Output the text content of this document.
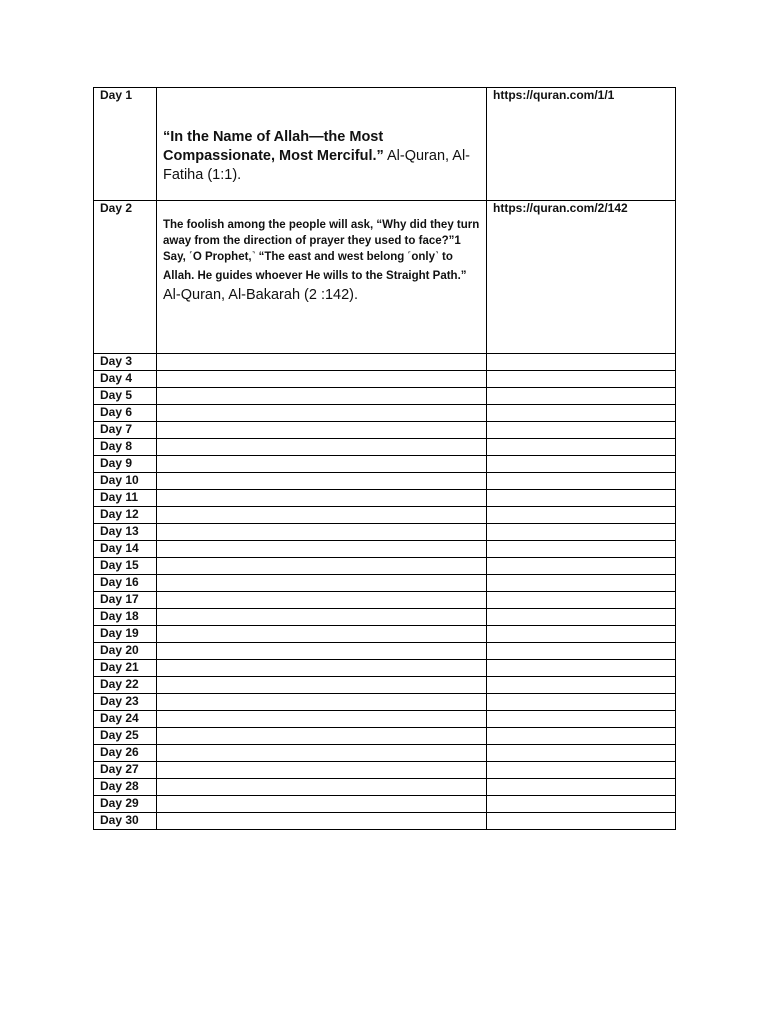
Day 1	“In the Name of Allah—the Most Compassionate, Most Merciful.” Al-Quran, Al-Fatiha (1:1).	https://quran.com/1/1
Day 2	The foolish among the people will ask, “Why did they turn away from the direction of prayer they used to face?”1 Say, ˹O Prophet,˺ “The east and west belong ˹only˺ to Allah. He guides whoever He wills to the Straight Path.” Al-Quran, Al-Bakarah (2 :142).	https://quran.com/2/142
Day 3		
Day 4		
Day 5		
Day 6		
Day 7		
Day 8		
Day 9		
Day 10		
Day 11		
Day 12		
Day 13		
Day 14		
Day 15		
Day 16		
Day 17		
Day 18		
Day 19		
Day 20		
Day 21		
Day 22		
Day 23		
Day 24		
Day 25		
Day 26		
Day 27		
Day 28		
Day 29		
Day 30		
